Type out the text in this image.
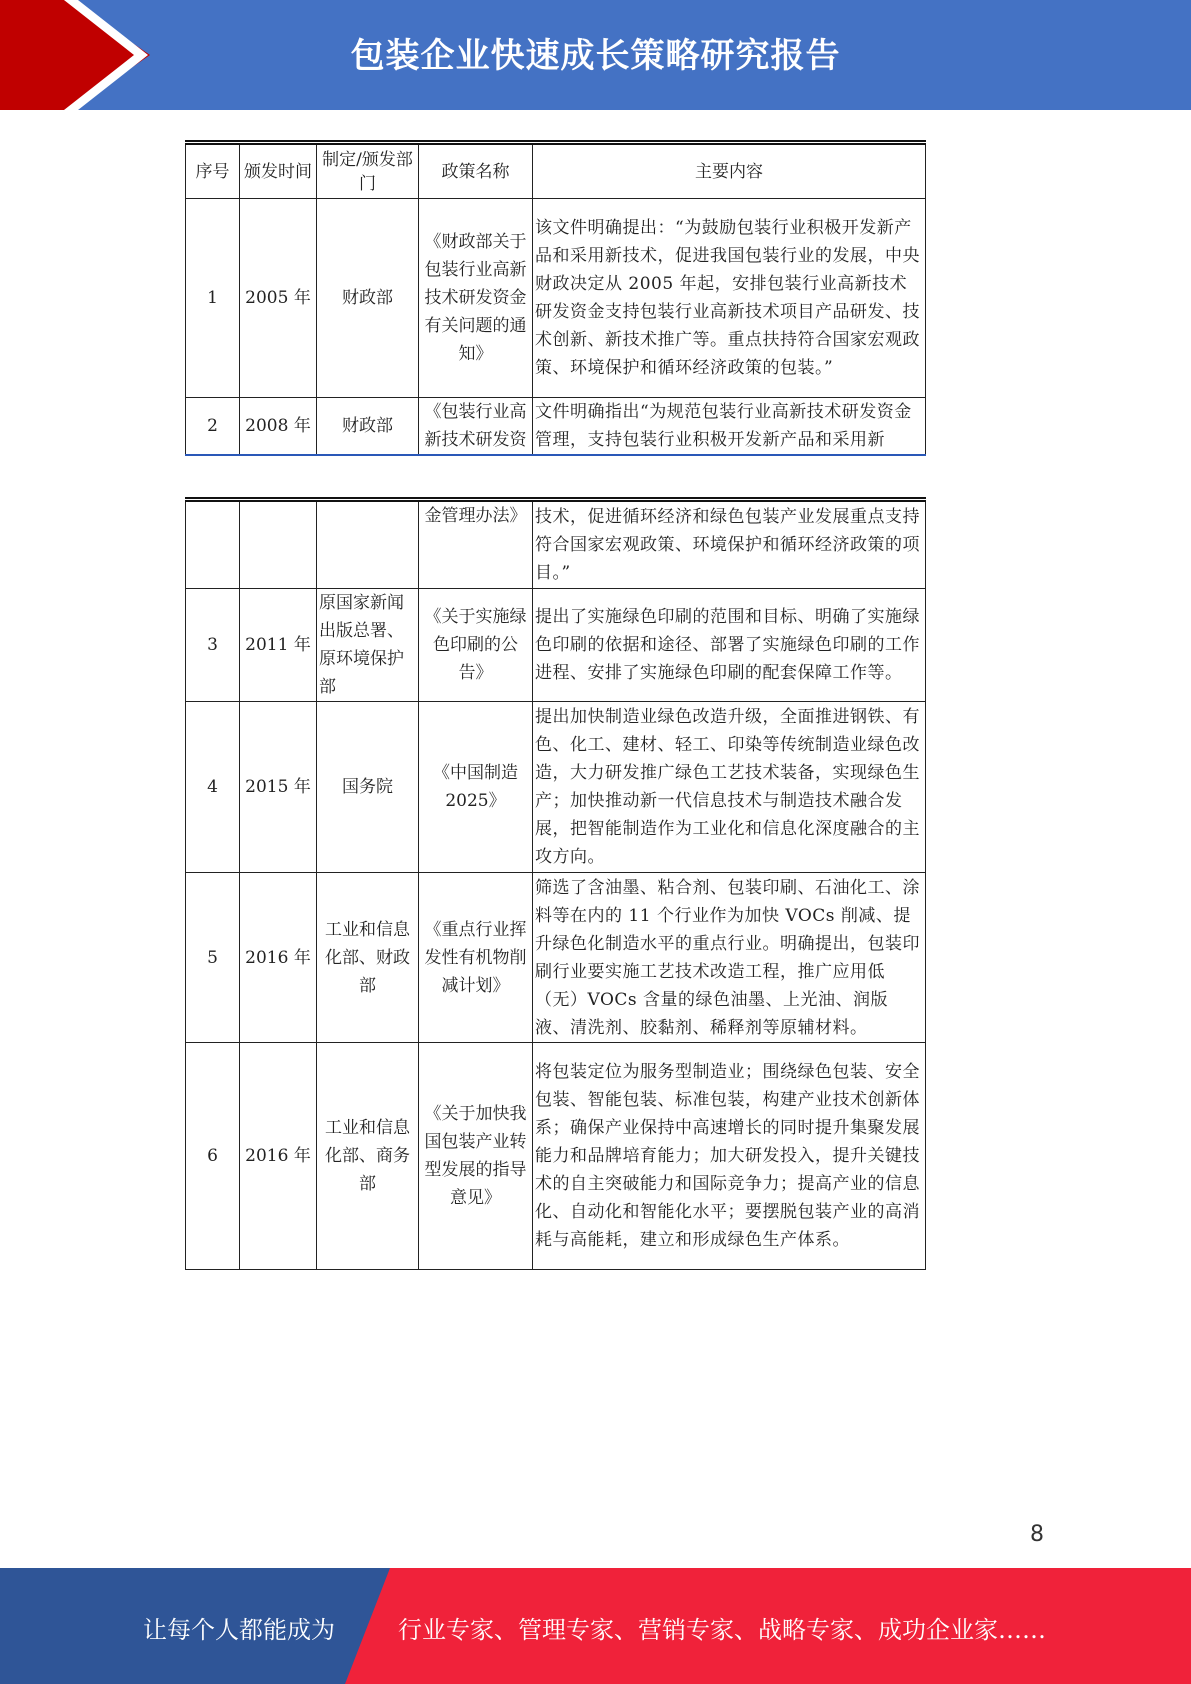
包装企业快速成长策略研究报告
序号	颁发时间	制定/颁发部门	政策名称	主要内容
1	2005 年	财政部	《财政部关于包装行业高新技术研发资金有关问题的通知》	该文件明确提出：“为鼓励包装行业积极开发新产品和采用新技术，促进我国包装行业的发展，中央财政决定从 2005 年起，安排包装行业高新技术研发资金支持包装行业高新技术项目产品研发、技术创新、新技术推广等。重点扶持符合国家宏观政策、环境保护和循环经济政策的包装。”
2	2008 年	财政部	《包装行业高新技术研发资	文件明确指出“为规范包装行业高新技术研发资金管理，支持包装行业积极开发新产品和采用新
			金管理办法》	技术，促进循环经济和绿色包装产业发展重点支持符合国家宏观政策、环境保护和循环经济政策的项目。”
3	2011 年	原国家新闻出版总署、原环境保护部	《关于实施绿色印刷的公告》	提出了实施绿色印刷的范围和目标、明确了实施绿色印刷的依据和途径、部署了实施绿色印刷的工作进程、安排了实施绿色印刷的配套保障工作等。
4	2015 年	国务院	《中国制造 2025》	提出加快制造业绿色改造升级，全面推进钢铁、有色、化工、建材、轻工、印染等传统制造业绿色改造，大力研发推广绿色工艺技术装备，实现绿色生产；加快推动新一代信息技术与制造技术融合发展，把智能制造作为工业化和信息化深度融合的主攻方向。
5	2016 年	工业和信息化部、财政部	《重点行业挥发性有机物削减计划》	筛选了含油墨、粘合剂、包装印刷、石油化工、涂料等在内的 11 个行业作为加快 VOCs 削减、提升绿色化制造水平的重点行业。明确提出，包装印刷行业要实施工艺技术改造工程，推广应用低（无）VOCs 含量的绿色油墨、上光油、润版液、清洗剂、胶黏剂、稀释剂等原辅材料。
6	2016 年	工业和信息化部、商务部	《关于加快我国包装产业转型发展的指导意见》	将包装定位为服务型制造业；围绕绿色包装、安全包装、智能包装、标准包装，构建产业技术创新体系；确保产业保持中高速增长的同时提升集聚发展能力和品牌培育能力；加大研发投入，提升关键技术的自主突破能力和国际竞争力；提高产业的信息化、自动化和智能化水平；要摆脱包装产业的高消耗与高能耗，建立和形成绿色生产体系。
8
让每个人都能成为	行业专家、管理专家、营销专家、战略专家、成功企业家……
